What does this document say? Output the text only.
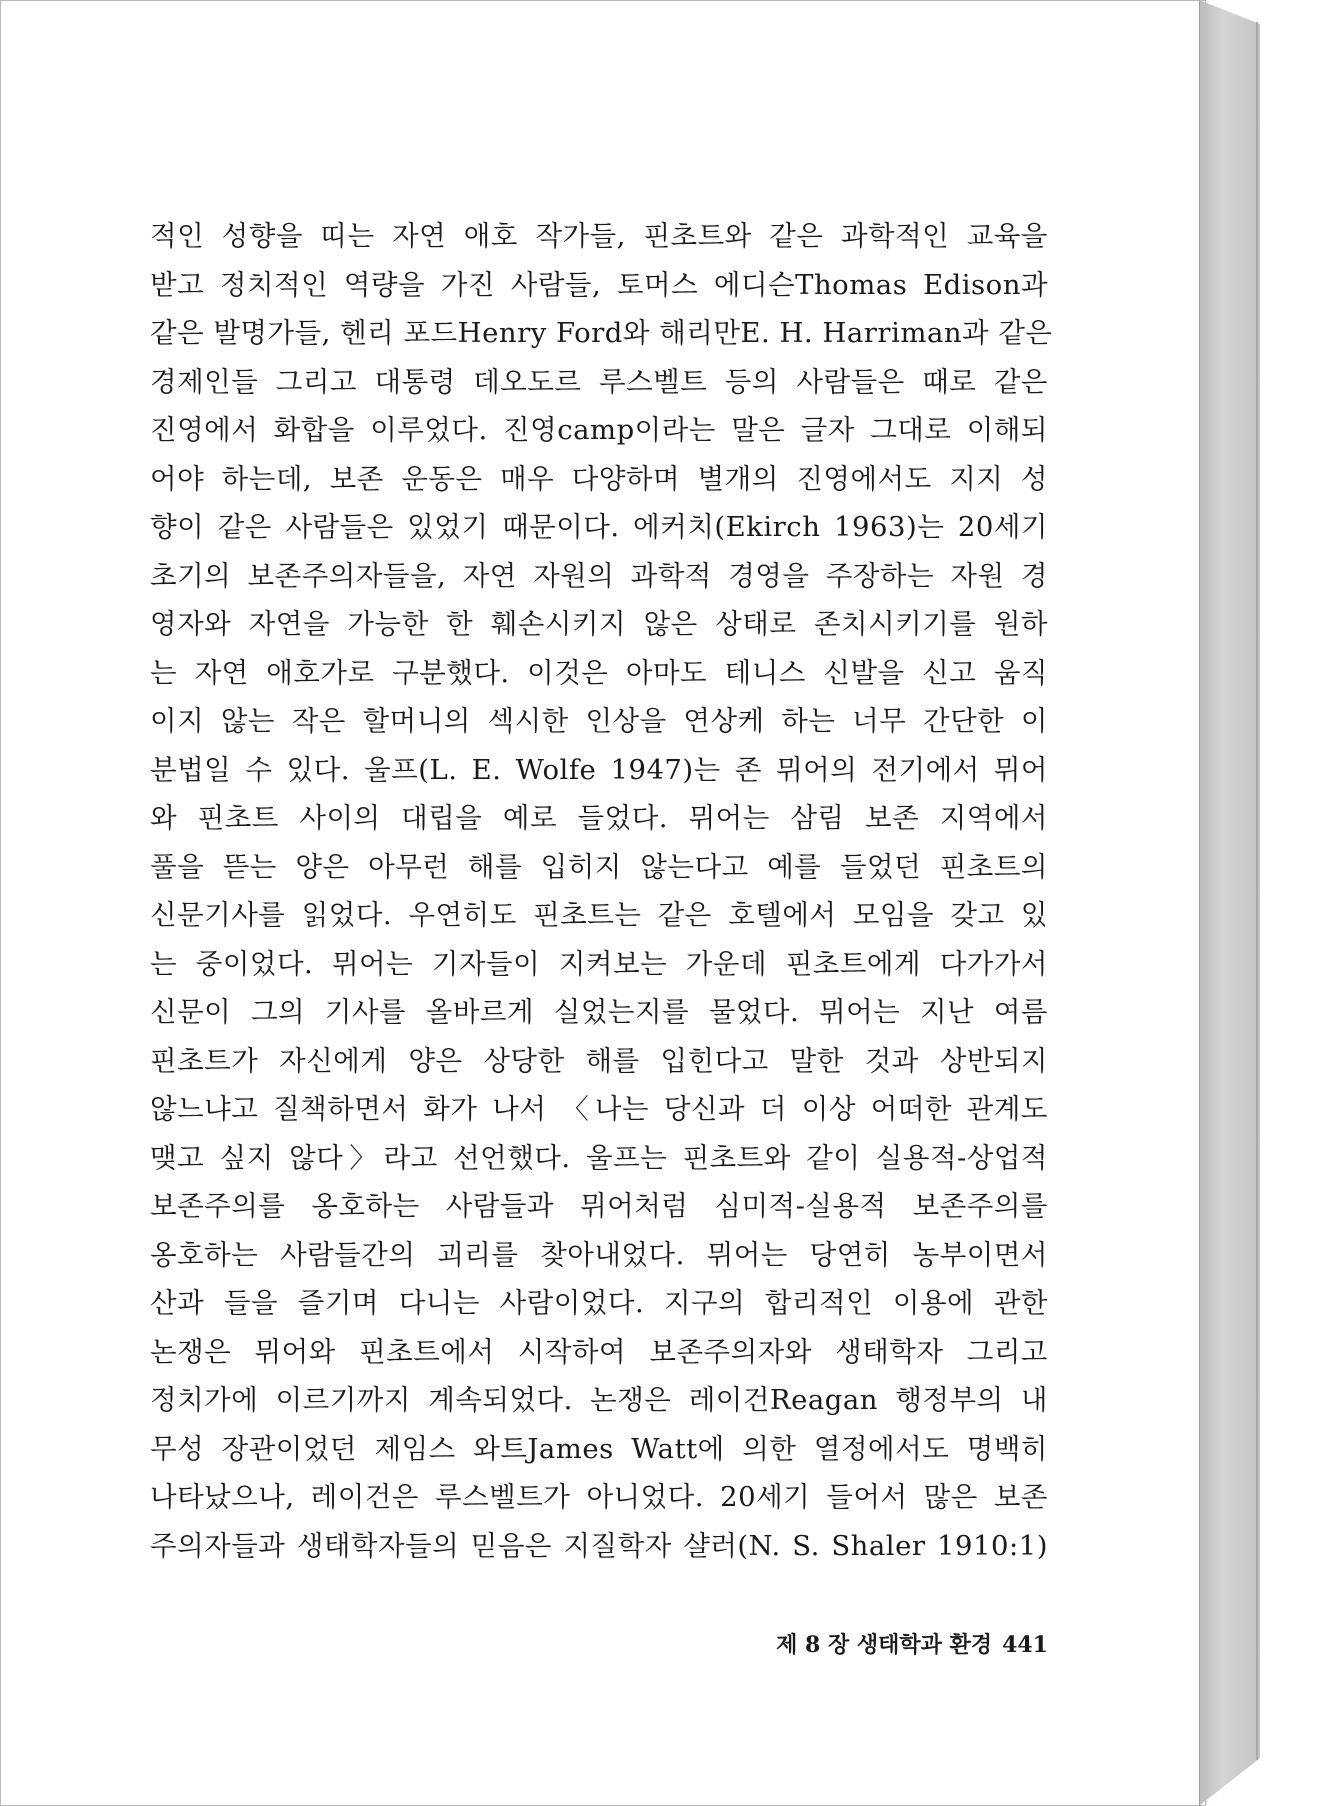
적인 성향을 띠는 자연 애호 작가들, 핀초트와 같은 과학적인 교육을
받고 정치적인 역량을 가진 사람들, 토머스 에디슨Thomas Edison과
같은 발명가들, 헨리 포드Henry Ford와 해리만E. H. Harriman과 같은
경제인들 그리고 대통령 데오도르 루스벨트 등의 사람들은 때로 같은
진영에서 화합을 이루었다. 진영camp이라는 말은 글자 그대로 이해되
어야 하는데, 보존 운동은 매우 다양하며 별개의 진영에서도 지지 성
향이 같은 사람들은 있었기 때문이다. 에커치(Ekirch 1963)는 20세기
초기의 보존주의자들을, 자연 자원의 과학적 경영을 주장하는 자원 경
영자와 자연을 가능한 한 훼손시키지 않은 상태로 존치시키기를 원하
는 자연 애호가로 구분했다. 이것은 아마도 테니스 신발을 신고 움직
이지 않는 작은 할머니의 섹시한 인상을 연상케 하는 너무 간단한 이
분법일 수 있다. 울프(L. E. Wolfe 1947)는 존 뮈어의 전기에서 뮈어
와 핀초트 사이의 대립을 예로 들었다. 뮈어는 삼림 보존 지역에서
풀을 뜯는 양은 아무런 해를 입히지 않는다고 예를 들었던 핀초트의
신문기사를 읽었다. 우연히도 핀초트는 같은 호텔에서 모임을 갖고 있
는 중이었다. 뮈어는 기자들이 지켜보는 가운데 핀초트에게 다가가서
신문이 그의 기사를 올바르게 실었는지를 물었다. 뮈어는 지난 여름
핀초트가 자신에게 양은 상당한 해를 입힌다고 말한 것과 상반되지
않느냐고 질책하면서 화가 나서 〈나는 당신과 더 이상 어떠한 관계도
맺고 싶지 않다〉라고 선언했다. 울프는 핀초트와 같이 실용적-상업적
보존주의를 옹호하는 사람들과 뮈어처럼 심미적-실용적 보존주의를
옹호하는 사람들간의 괴리를 찾아내었다. 뮈어는 당연히 농부이면서
산과 들을 즐기며 다니는 사람이었다. 지구의 합리적인 이용에 관한
논쟁은 뮈어와 핀초트에서 시작하여 보존주의자와 생태학자 그리고
정치가에 이르기까지 계속되었다. 논쟁은 레이건Reagan 행정부의 내
무성 장관이었던 제임스 와트James Watt에 의한 열정에서도 명백히
나타났으나, 레이건은 루스벨트가 아니었다. 20세기 들어서 많은 보존
주의자들과 생태학자들의 믿음은 지질학자 샬러(N. S. Shaler 1910:1)
제 8 장 생태학과 환경 441
